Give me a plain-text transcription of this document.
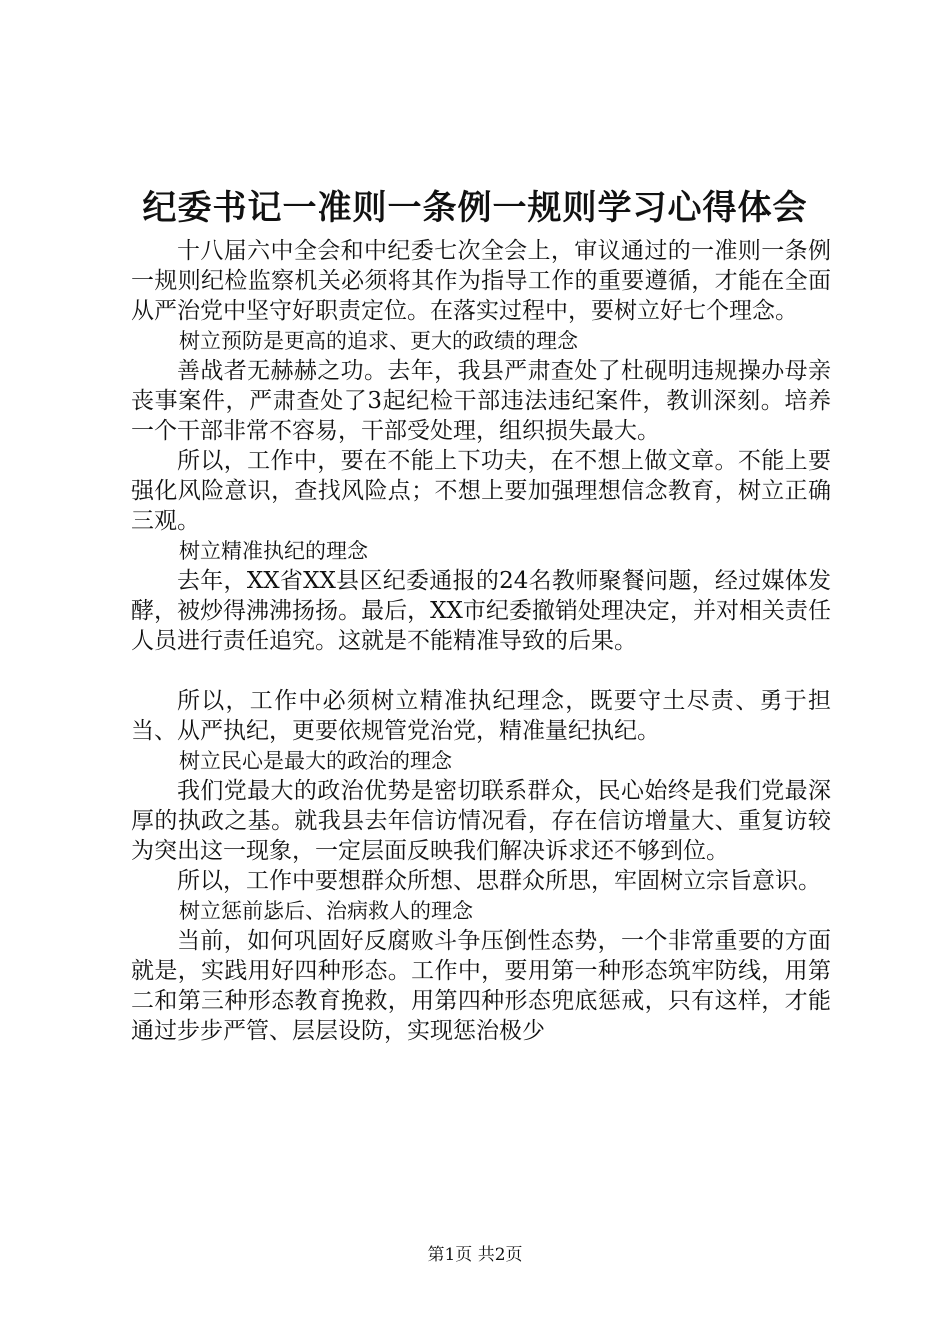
纪委书记一准则一条例一规则学习心得体会

十八届六中全会和中纪委七次全会上，审议通过的一准则一条例一规则纪检监察机关必须将其作为指导工作的重要遵循，才能在全面从严治党中坚守好职责定位。在落实过程中，要树立好七个理念。

树立预防是更高的追求、更大的政绩的理念

善战者无赫赫之功。去年，我县严肃查处了杜砚明违规操办母亲丧事案件，严肃查处了3起纪检干部违法违纪案件，教训深刻。培养一个干部非常不容易，干部受处理，组织损失最大。

所以，工作中，要在不能上下功夫，在不想上做文章。不能上要强化风险意识，查找风险点；不想上要加强理想信念教育，树立正确三观。

树立精准执纪的理念

去年，XX省XX县区纪委通报的24名教师聚餐问题，经过媒体发酵，被炒得沸沸扬扬。最后，XX市纪委撤销处理决定，并对相关责任人员进行责任追究。这就是不能精准导致的后果。

所以，工作中必须树立精准执纪理念，既要守土尽责、勇于担当、从严执纪，更要依规管党治党，精准量纪执纪。

树立民心是最大的政治的理念

我们党最大的政治优势是密切联系群众，民心始终是我们党最深厚的执政之基。就我县去年信访情况看，存在信访增量大、重复访较为突出这一现象，一定层面反映我们解决诉求还不够到位。

所以，工作中要想群众所想、思群众所思，牢固树立宗旨意识。

树立惩前毖后、治病救人的理念

当前，如何巩固好反腐败斗争压倒性态势，一个非常重要的方面就是，实践用好四种形态。工作中，要用第一种形态筑牢防线，用第二和第三种形态教育挽救，用第四种形态兜底惩戒，只有这样，才能通过步步严管、层层设防，实现惩治极少

第1页 共2页
